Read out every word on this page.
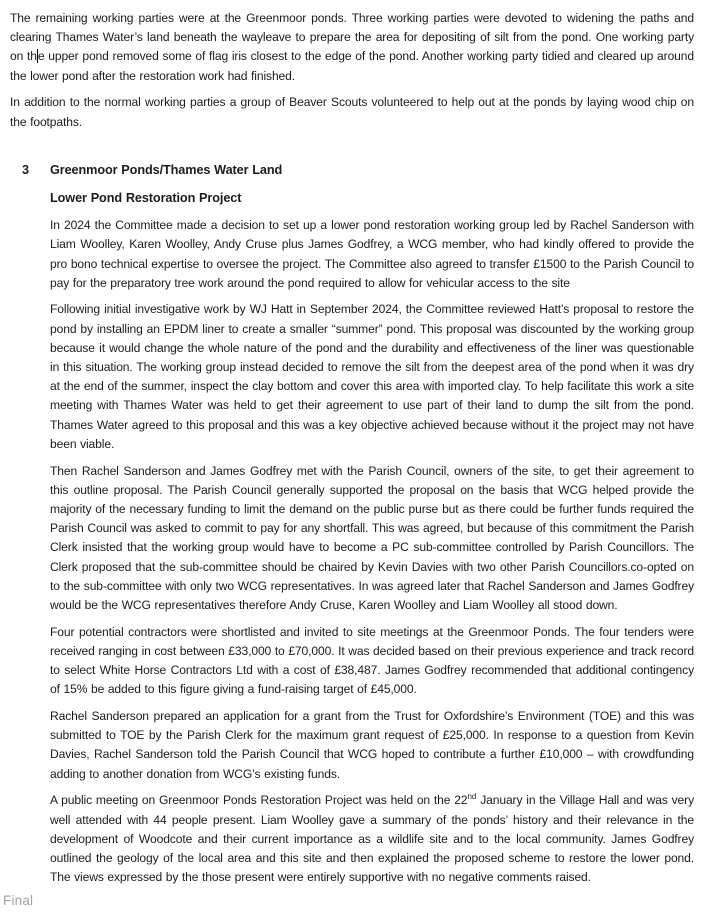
The remaining working parties were at the Greenmoor ponds. Three working parties were devoted to widening the paths and clearing Thames Water’s land beneath the wayleave to prepare the area for depositing of silt from the pond. One working party on the upper pond removed some of flag iris closest to the edge of the pond. Another working party tidied and cleared up around the lower pond after the restoration work had finished.

In addition to the normal working parties a group of Beaver Scouts volunteered to help out at the ponds by laying wood chip on the footpaths.

3	Greenmoor Ponds/Thames Water Land
Lower Pond Restoration Project

In 2024 the Committee made a decision to set up a lower pond restoration working group led by Rachel Sanderson with Liam Woolley, Karen Woolley, Andy Cruse plus James Godfrey, a WCG member, who had kindly offered to provide the pro bono technical expertise to oversee the project. The Committee also agreed to transfer £1500 to the Parish Council to pay for the preparatory tree work around the pond required to allow for vehicular access to the site

Following initial investigative work by WJ Hatt in September 2024, the Committee reviewed Hatt’s proposal to restore the pond by installing an EPDM liner to create a smaller “summer” pond. This proposal was discounted by the working group because it would change the whole nature of the pond and the durability and effectiveness of the liner was questionable in this situation. The working group instead decided to remove the silt from the deepest area of the pond when it was dry at the end of the summer, inspect the clay bottom and cover this area with imported clay. To help facilitate this work a site meeting with Thames Water was held to get their agreement to use part of their land to dump the silt from the pond. Thames Water agreed to this proposal and this was a key objective achieved because without it the project may not have been viable.

Then Rachel Sanderson and James Godfrey met with the Parish Council, owners of the site, to get their agreement to this outline proposal. The Parish Council generally supported the proposal on the basis that WCG helped provide the majority of the necessary funding to limit the demand on the public purse but as there could be further funds required the Parish Council was asked to commit to pay for any shortfall. This was agreed, but because of this commitment the Parish Clerk insisted that the working group would have to become a PC sub-committee controlled by Parish Councillors. The Clerk proposed that the sub-committee should be chaired by Kevin Davies with two other Parish Councillors.co-opted on to the sub-committee with only two WCG representatives. In was agreed later that Rachel Sanderson and James Godfrey would be the WCG representatives therefore Andy Cruse, Karen Woolley and Liam Woolley all stood down.

Four potential contractors were shortlisted and invited to site meetings at the Greenmoor Ponds. The four tenders were received ranging in cost between £33,000 to £70,000. It was decided based on their previous experience and track record to select White Horse Contractors Ltd with a cost of £38,487. James Godfrey recommended that additional contingency of 15% be added to this figure giving a fund-raising target of £45,000.

Rachel Sanderson prepared an application for a grant from the Trust for Oxfordshire’s Environment (TOE) and this was submitted to TOE by the Parish Clerk for the maximum grant request of £25,000. In response to a question from Kevin Davies, Rachel Sanderson told the Parish Council that WCG hoped to contribute a further £10,000 – with crowdfunding adding to another donation from WCG’s existing funds.

A public meeting on Greenmoor Ponds Restoration Project was held on the 22nd January in the Village Hall and was very well attended with 44 people present. Liam Woolley gave a summary of the ponds’ history and their relevance in the development of Woodcote and their current importance as a wildlife site and to the local community. James Godfrey outlined the geology of the local area and this site and then explained the proposed scheme to restore the lower pond. The views expressed by the those present were entirely supportive with no negative comments raised.

Final
